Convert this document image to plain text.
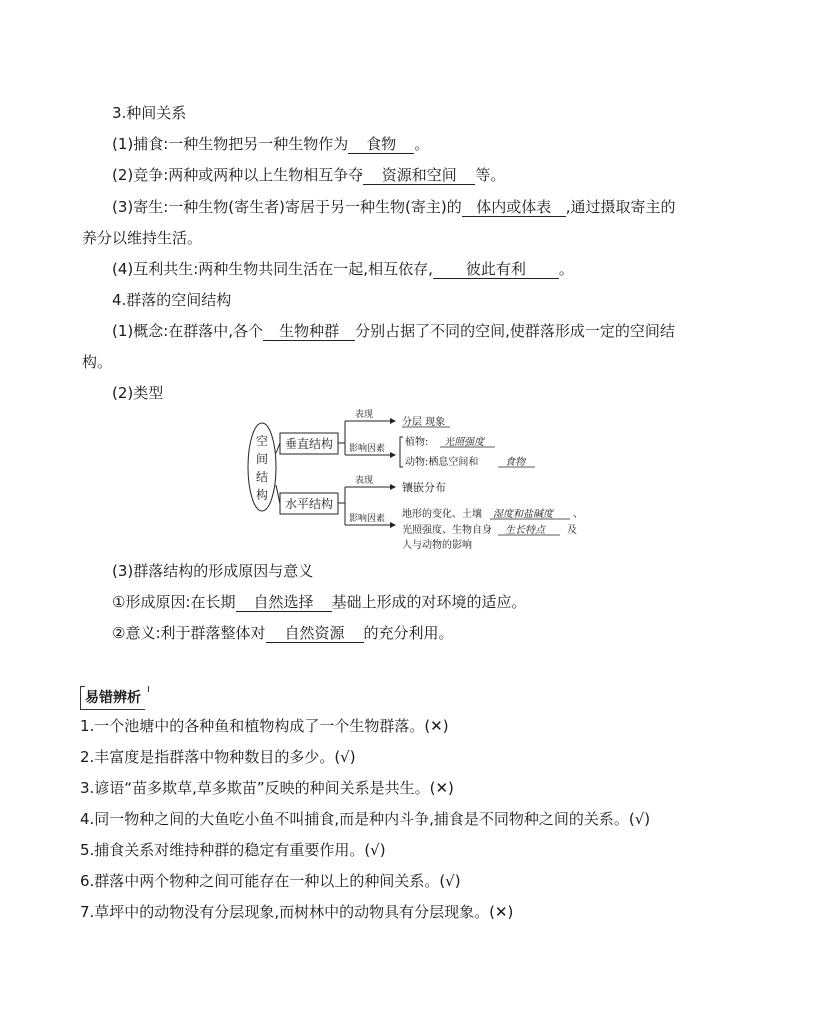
3.种间关系
(1)捕食:一种生物把另一种生物作为 食物 。
(2)竞争:两种或两种以上生物相互争夺 资源和空间 等。
(3)寄生:一种生物(寄生者)寄居于另一种生物(寄主)的 体内或体表 ,通过摄取寄主的
养分以维持生活。
(4)互利共生:两种生物共同生活在一起,相互依存, 彼此有利 。
4.群落的空间结构
(1)概念:在群落中,各个 生物种群 分别占据了不同的空间,使群落形成一定的空间结
构。
(2)类型
空
间
结
构
垂直结构
水平结构
表现
影响因素
分层 现象
植物: 光照强度
动物:栖息空间和	食物
表现
影响因素
镶嵌分布
地形的变化、土壤 湿度和盐碱度 、
光照强度、生物自身 生长特点 及
人与动物的影响
(3)群落结构的形成原因与意义
①形成原因:在长期 自然选择 基础上形成的对环境的适应。
②意义:利于群落整体对 自然资源 的充分利用。
易错辨析
1.一个池塘中的各种鱼和植物构成了一个生物群落。(✕)
2.丰富度是指群落中物种数目的多少。(√)
3.谚语“苗多欺草,草多欺苗”反映的种间关系是共生。(✕)
4.同一物种之间的大鱼吃小鱼不叫捕食,而是种内斗争,捕食是不同物种之间的关系。(√)
5.捕食关系对维持种群的稳定有重要作用。(√)
6.群落中两个物种之间可能存在一种以上的种间关系。(√)
7.草坪中的动物没有分层现象,而树林中的动物具有分层现象。(✕)
